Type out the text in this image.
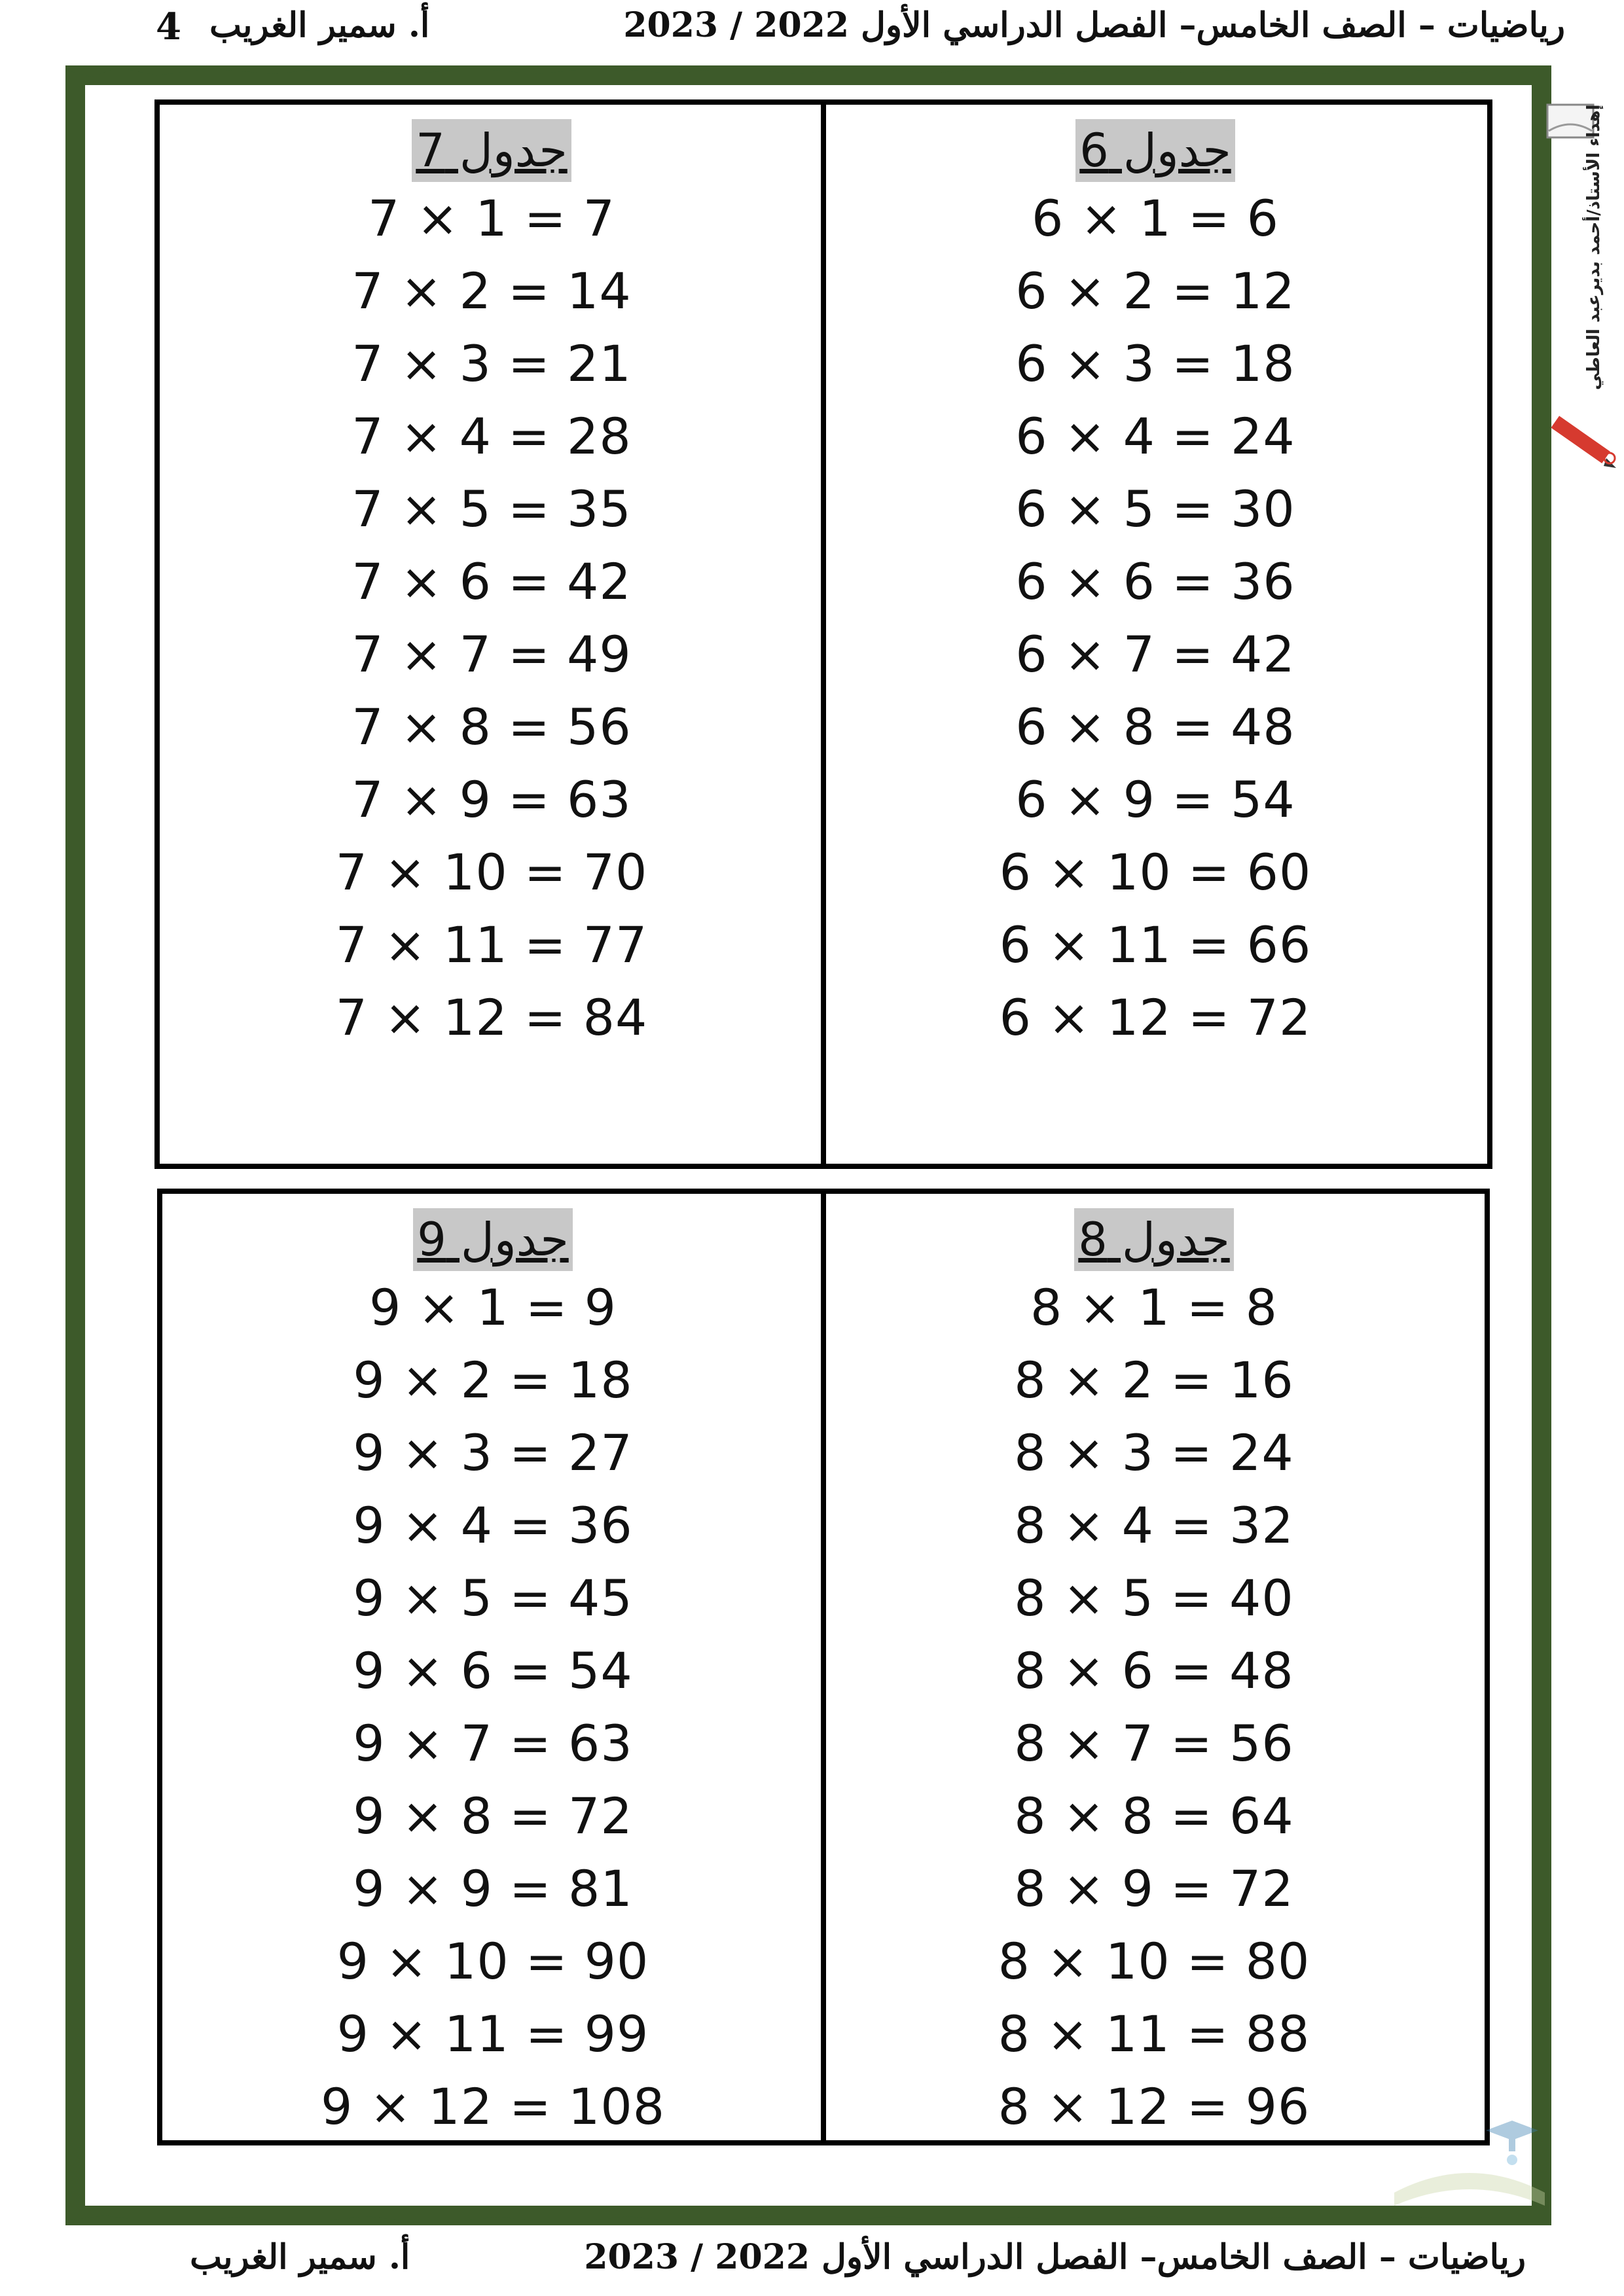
رياضيات – الصف الخامس– الفصل الدراسي الأول 2022 / 2023
أ. سمير الغريب
4
جدول 6
6 × 1 = 6
6 × 2 = 12
6 × 3 = 18
6 × 4 = 24
6 × 5 = 30
6 × 6 = 36
6 × 7 = 42
6 × 8 = 48
6 × 9 = 54
6 × 10 = 60
6 × 11 = 66
6 × 12 = 72
جدول 7
7 × 1 = 7
7 × 2 = 14
7 × 3 = 21
7 × 4 = 28
7 × 5 = 35
7 × 6 = 42
7 × 7 = 49
7 × 8 = 56
7 × 9 = 63
7 × 10 = 70
7 × 11 = 77
7 × 12 = 84
جدول 8
8 × 1 = 8
8 × 2 = 16
8 × 3 = 24
8 × 4 = 32
8 × 5 = 40
8 × 6 = 48
8 × 7 = 56
8 × 8 = 64
8 × 9 = 72
8 × 10 = 80
8 × 11 = 88
8 × 12 = 96
جدول 9
9 × 1 = 9
9 × 2 = 18
9 × 3 = 27
9 × 4 = 36
9 × 5 = 45
9 × 6 = 54
9 × 7 = 63
9 × 8 = 72
9 × 9 = 81
9 × 10 = 90
9 × 11 = 99
9 × 12 = 108
إهداء الأستاذ/أحمد بديرعبد العاطي
رياضيات – الصف الخامس– الفصل الدراسي الأول 2022 / 2023
أ. سمير الغريب
